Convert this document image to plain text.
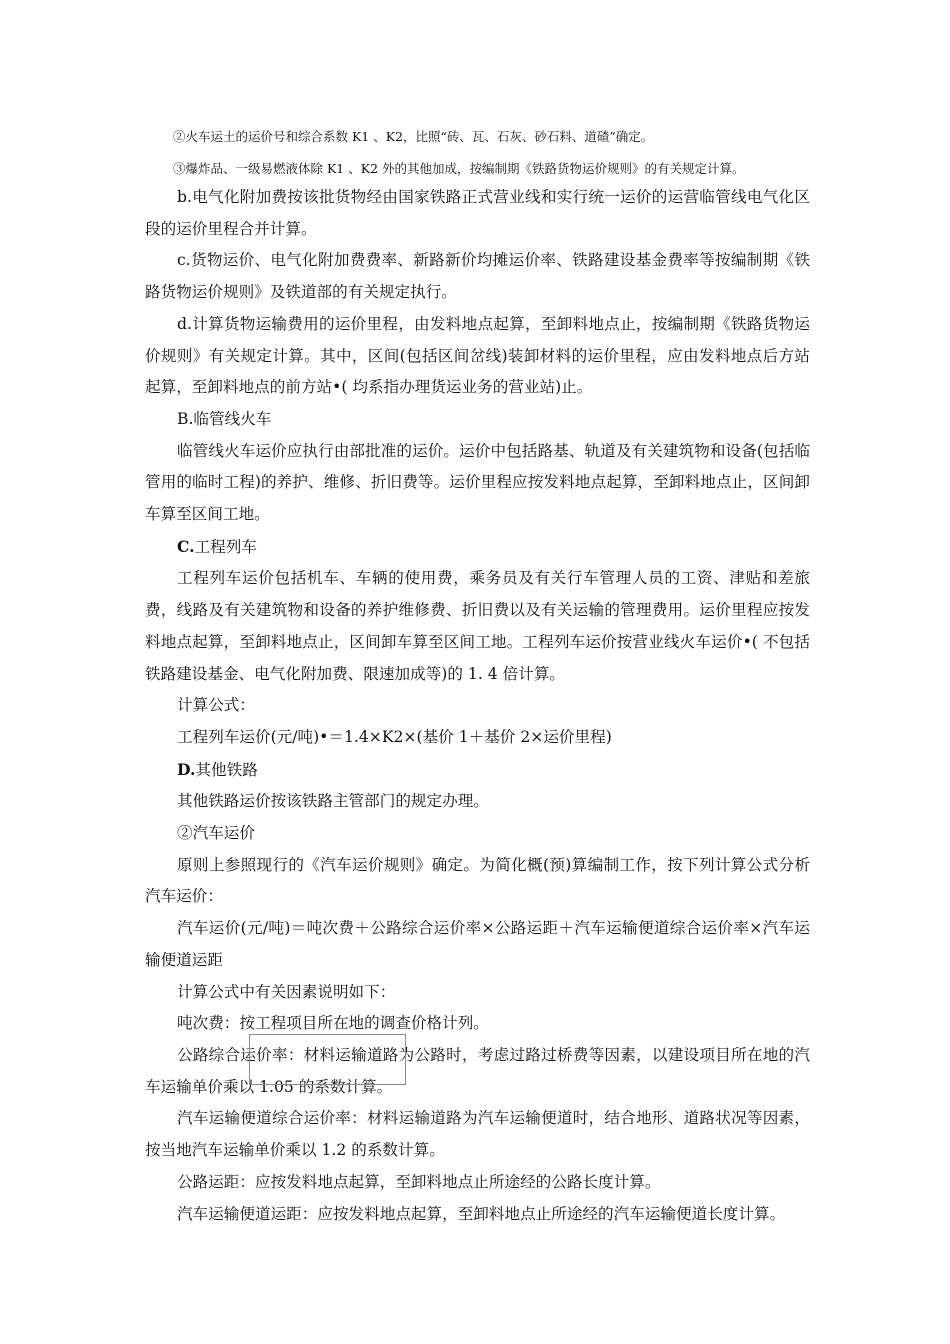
②火车运土的运价号和综合系数 K1 、K2，比照“砖、瓦、石灰、砂石料、道碴”确定。
③爆炸品、一级易燃液体除 K1 、K2 外的其他加成，按编制期《铁路货物运价规则》的有关规定计算。

b.电气化附加费按该批货物经由国家铁路正式营业线和实行统一运价的运营临管线电气化区段的运价里程合并计算。

c.货物运价、电气化附加费费率、新路新价均摊运价率、铁路建设基金费率等按编制期《铁路货物运价规则》及铁道部的有关规定执行。

d.计算货物运输费用的运价里程，由发料地点起算，至卸料地点止，按编制期《铁路货物运价规则》有关规定计算。其中，区间(包括区间岔线)装卸材料的运价里程，应由发料地点后方站起算，至卸料地点的前方站•( 均系指办理货运业务的营业站)止。

B.临管线火车

临管线火车运价应执行由部批准的运价。运价中包括路基、轨道及有关建筑物和设备(包括临管用的临时工程)的养护、维修、折旧费等。运价里程应按发料地点起算，至卸料地点止，区间卸车算至区间工地。

C.工程列车

工程列车运价包括机车、车辆的使用费，乘务员及有关行车管理人员的工资、津贴和差旅费，线路及有关建筑物和设备的养护维修费、折旧费以及有关运输的管理费用。运价里程应按发料地点起算，至卸料地点止，区间卸车算至区间工地。工程列车运价按营业线火车运价•( 不包括铁路建设基金、电气化附加费、限速加成等)的 1. 4 倍计算。

计算公式：

工程列车运价(元/吨)•＝1.4×K2×(基价 1＋基价 2×运价里程)

D.其他铁路

其他铁路运价按该铁路主管部门的规定办理。

②汽车运价

原则上参照现行的《汽车运价规则》确定。为简化概(预)算编制工作，按下列计算公式分析汽车运价：

汽车运价(元/吨)＝吨次费＋公路综合运价率×公路运距＋汽车运输便道综合运价率×汽车运输便道运距

计算公式中有关因素说明如下：

吨次费：按工程项目所在地的调查价格计列。

公路综合运价率：材料运输道路为公路时，考虑过路过桥费等因素，以建设项目所在地的汽车运输单价乘以 1.05 的系数计算。

汽车运输便道综合运价率：材料运输道路为汽车运输便道时，结合地形、道路状况等因素，按当地汽车运输单价乘以 1.2 的系数计算。

公路运距：应按发料地点起算，至卸料地点止所途经的公路长度计算。

汽车运输便道运距：应按发料地点起算，至卸料地点止所途经的汽车运输便道长度计算。
